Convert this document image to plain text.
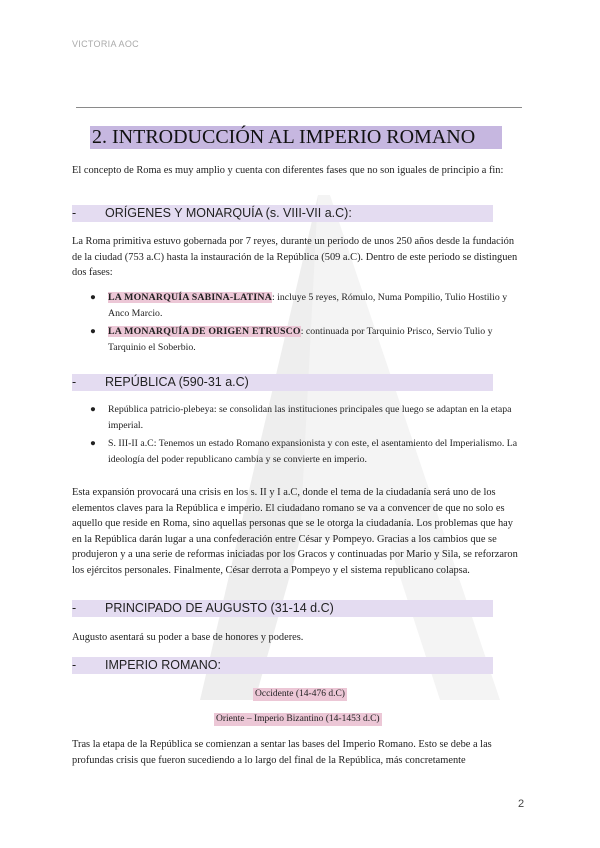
VICTORIA AOC
2. INTRODUCCIÓN AL IMPERIO ROMANO
El concepto de Roma es muy amplio y cuenta con diferentes fases que no son iguales de principio a fin:
- ORÍGENES Y MONARQUÍA (s. VIII-VII a.C):
La Roma primitiva estuvo gobernada por 7 reyes, durante un periodo de unos 250 años desde la fundación de la ciudad (753 a.C) hasta la instauración de la República (509 a.C). Dentro de este periodo se distinguen dos fases:
● LA MONARQUÍA SABINA-LATINA: incluye 5 reyes, Rómulo, Numa Pompilio, Tulio Hostilio y Anco Marcio.
● LA MONARQUÍA DE ORIGEN ETRUSCO: continuada por Tarquinio Prisco, Servio Tulio y Tarquinio el Soberbio.
- REPÚBLICA (590-31 a.C)
● República patricio-plebeya: se consolidan las instituciones principales que luego se adaptan en la etapa imperial.
● S. III-II a.C: Tenemos un estado Romano expansionista y con este, el asentamiento del Imperialismo. La ideología del poder republicano cambia y se convierte en imperio.
Esta expansión provocará una crisis en los s. II y I a.C, donde el tema de la ciudadanía será uno de los elementos claves para la República e imperio. El ciudadano romano se va a convencer de que no solo es aquello que reside en Roma, sino aquellas personas que se le otorga la ciudadanía. Los problemas que hay en la República darán lugar a una confederación entre César y Pompeyo. Gracias a los cambios que se produjeron y a una serie de reformas iniciadas por los Gracos y continuadas por Mario y Sila, se reforzaron los ejércitos personales. Finalmente, César derrota a Pompeyo y el sistema republicano colapsa.
- PRINCIPADO DE AUGUSTO (31-14 d.C)
Augusto asentará su poder a base de honores y poderes.
- IMPERIO ROMANO:
Occidente (14-476 d.C)
Oriente – Imperio Bizantino (14-1453 d.C)
Tras la etapa de la República se comienzan a sentar las bases del Imperio Romano. Esto se debe a las profundas crisis que fueron sucediendo a lo largo del final de la República, más concretamente
2
